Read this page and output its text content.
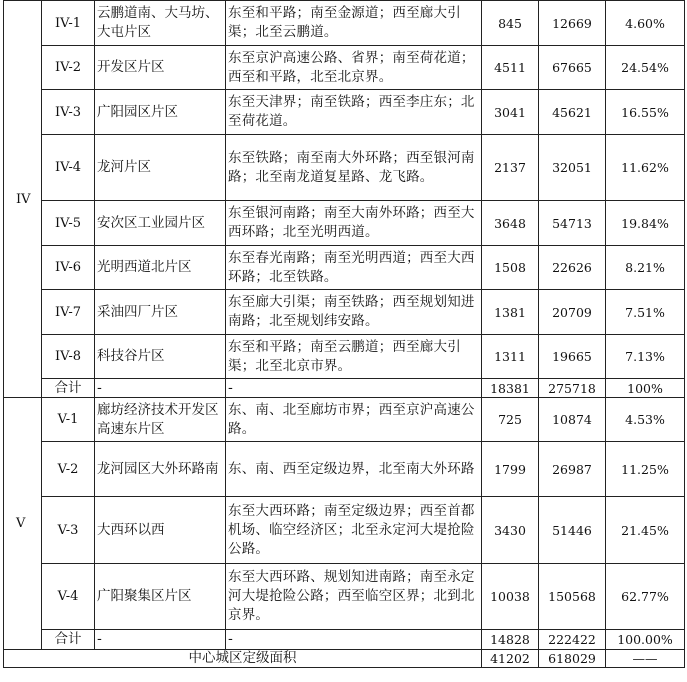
IV	IV-1	云鹏道南、大马坊、大屯片区	东至和平路；南至金源道；西至廊大引渠；北至云鹏道。	845	12669	4.60%
	IV-2	开发区片区	东至京沪高速公路、省界；南至荷花道；西至和平路，北至北京界。	4511	67665	24.54%
	IV-3	广阳园区片区	东至天津界；南至铁路；西至李庄东；北至荷花道。	3041	45621	16.55%
	IV-4	龙河片区	东至铁路；南至南大外环路；西至银河南路；北至南龙道复星路、龙飞路。	2137	32051	11.62%
	IV-5	安次区工业园片区	东至银河南路；南至大南外环路；西至大西环路；北至光明西道。	3648	54713	19.84%
	IV-6	光明西道北片区	东至春光南路；南至光明西道；西至大西环路；北至铁路。	1508	22626	8.21%
	IV-7	采油四厂片区	东至廊大引渠；南至铁路；西至规划知进南路；北至规划纬安路。	1381	20709	7.51%
	IV-8	科技谷片区	东至和平路；南至云鹏道；西至廊大引渠；北至北京市界。	1311	19665	7.13%
	合计	-	-	18381	275718	100%
V	V-1	廊坊经济技术开发区高速东片区	东、南、北至廊坊市界；西至京沪高速公路。	725	10874	4.53%
	V-2	龙河园区大外环路南	东、南、西至定级边界，北至南大外环路	1799	26987	11.25%
	V-3	大西环以西	东至大西环路；南至定级边界；西至首都机场、临空经济区；北至永定河大堤抢险公路。	3430	51446	21.45%
	V-4	广阳聚集区片区	东至大西环路、规划知进南路；南至永定河大堤抢险公路；西至临空区界；北到北京界。	10038	150568	62.77%
	合计	-	-	14828	222422	100.00%
中心城区定级面积				41202	618029	——
